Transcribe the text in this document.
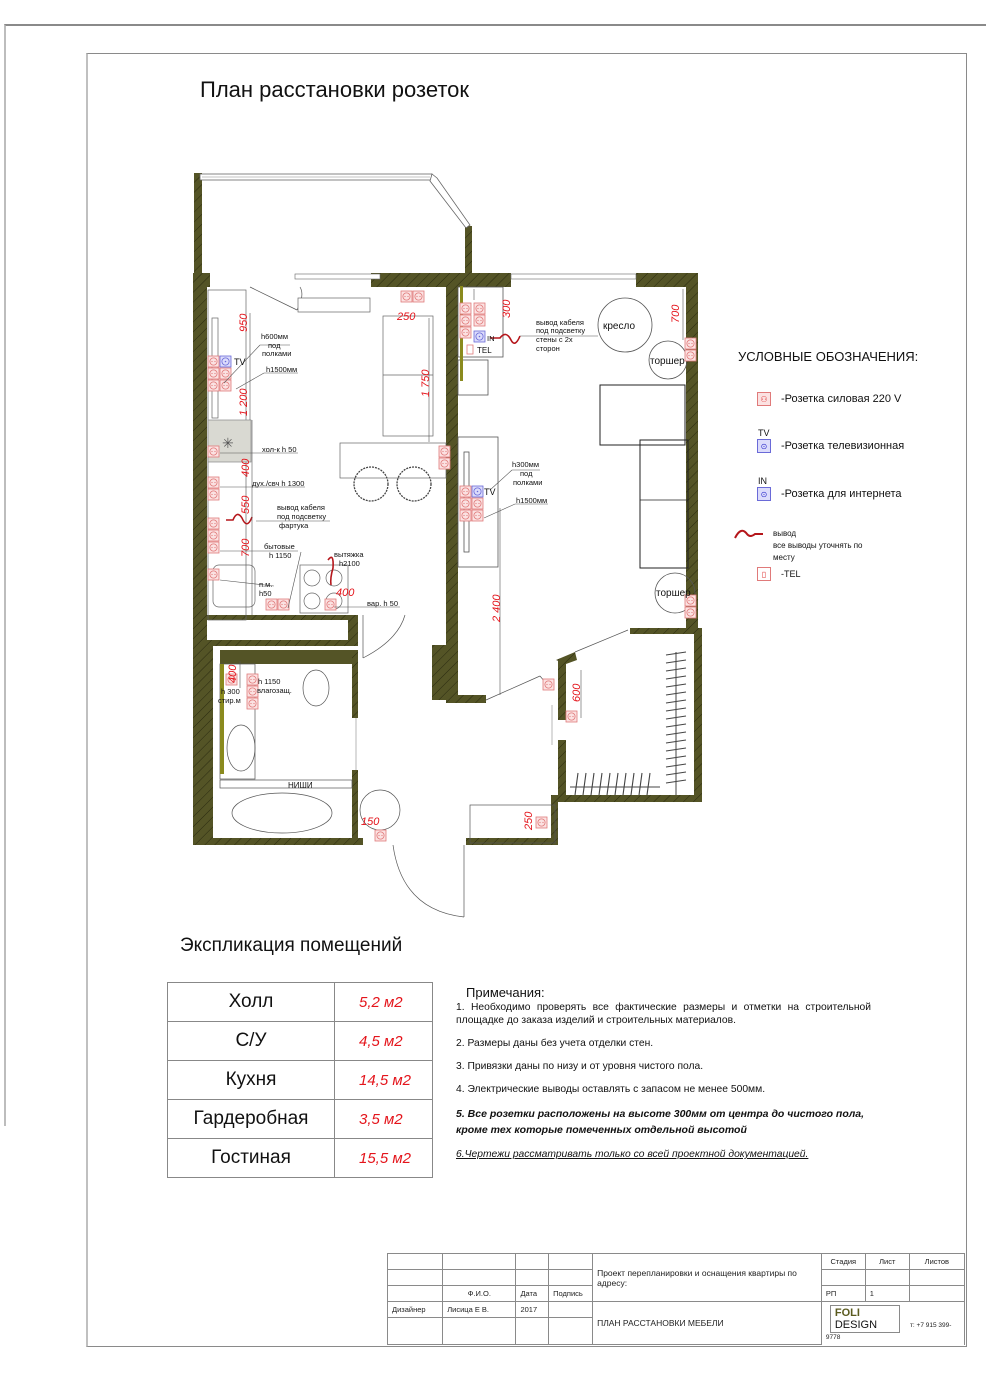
План расстановки розеток
✳
950
1 200
250
1 750
400
550
700
400
300	700
2 400
400
600
150	250
TV
h600мм
под
полками
h1500мм
хол-к h 50
дух./свч h 1300
вывод кабеля
под подсветку
фартука
бытовые
h 1150	вытяжка
h2100
п.м.
h50
вар. h 50
IN
TEL
вывод кабеля
под подсветку
стены с 2х
сторон
кресло
торшер
торшер
h300мм
под
полками
TV
h1500мм
h 1150
влагозащ.
h 300
стир.м
НИШИ
УСЛОВНЫЕ ОБОЗНАЧЕНИЯ:
⚇	-Розетка силовая 220 V
TV
⊙	-Розетка телевизионная
IN
⊙	-Розетка для интернета
вывод
все выводы уточнять по
месту
▯	-TEL
Экспликация помещений
Холл	5,2 м2
С/У	4,5 м2
Кухня	14,5 м2
Гардеробная	3,5 м2
Гостиная	15,5 м2
Примечания:

1. Необходимо проверять все фактические размеры и отметки на строительной площадке до заказа изделий и строительных материалов.

2. Размеры даны без учета отделки стен.

3. Привязки даны по низу и от уровня чистого пола.

4. Электрические выводы оставлять с запасом не менее 500мм.

5. Все розетки расположены на высоте 300мм от центра до чистого пола, кроме тех которые помеченных отдельной высотой

6.Чертежи рассматривать только со всей проектной документацией.

				Проект перепланировки и оснащения квартиры по адресу:	Стадия	Лист	Листов

	Ф.И.О.	Дата	Подпись		РП	1	
Дизайнер	Лисица Е В.	2017		ПЛАН РАССТАНОВКИ МЕБЕЛИ	FOLI
DESIGN т: +7 915 399-9778		
